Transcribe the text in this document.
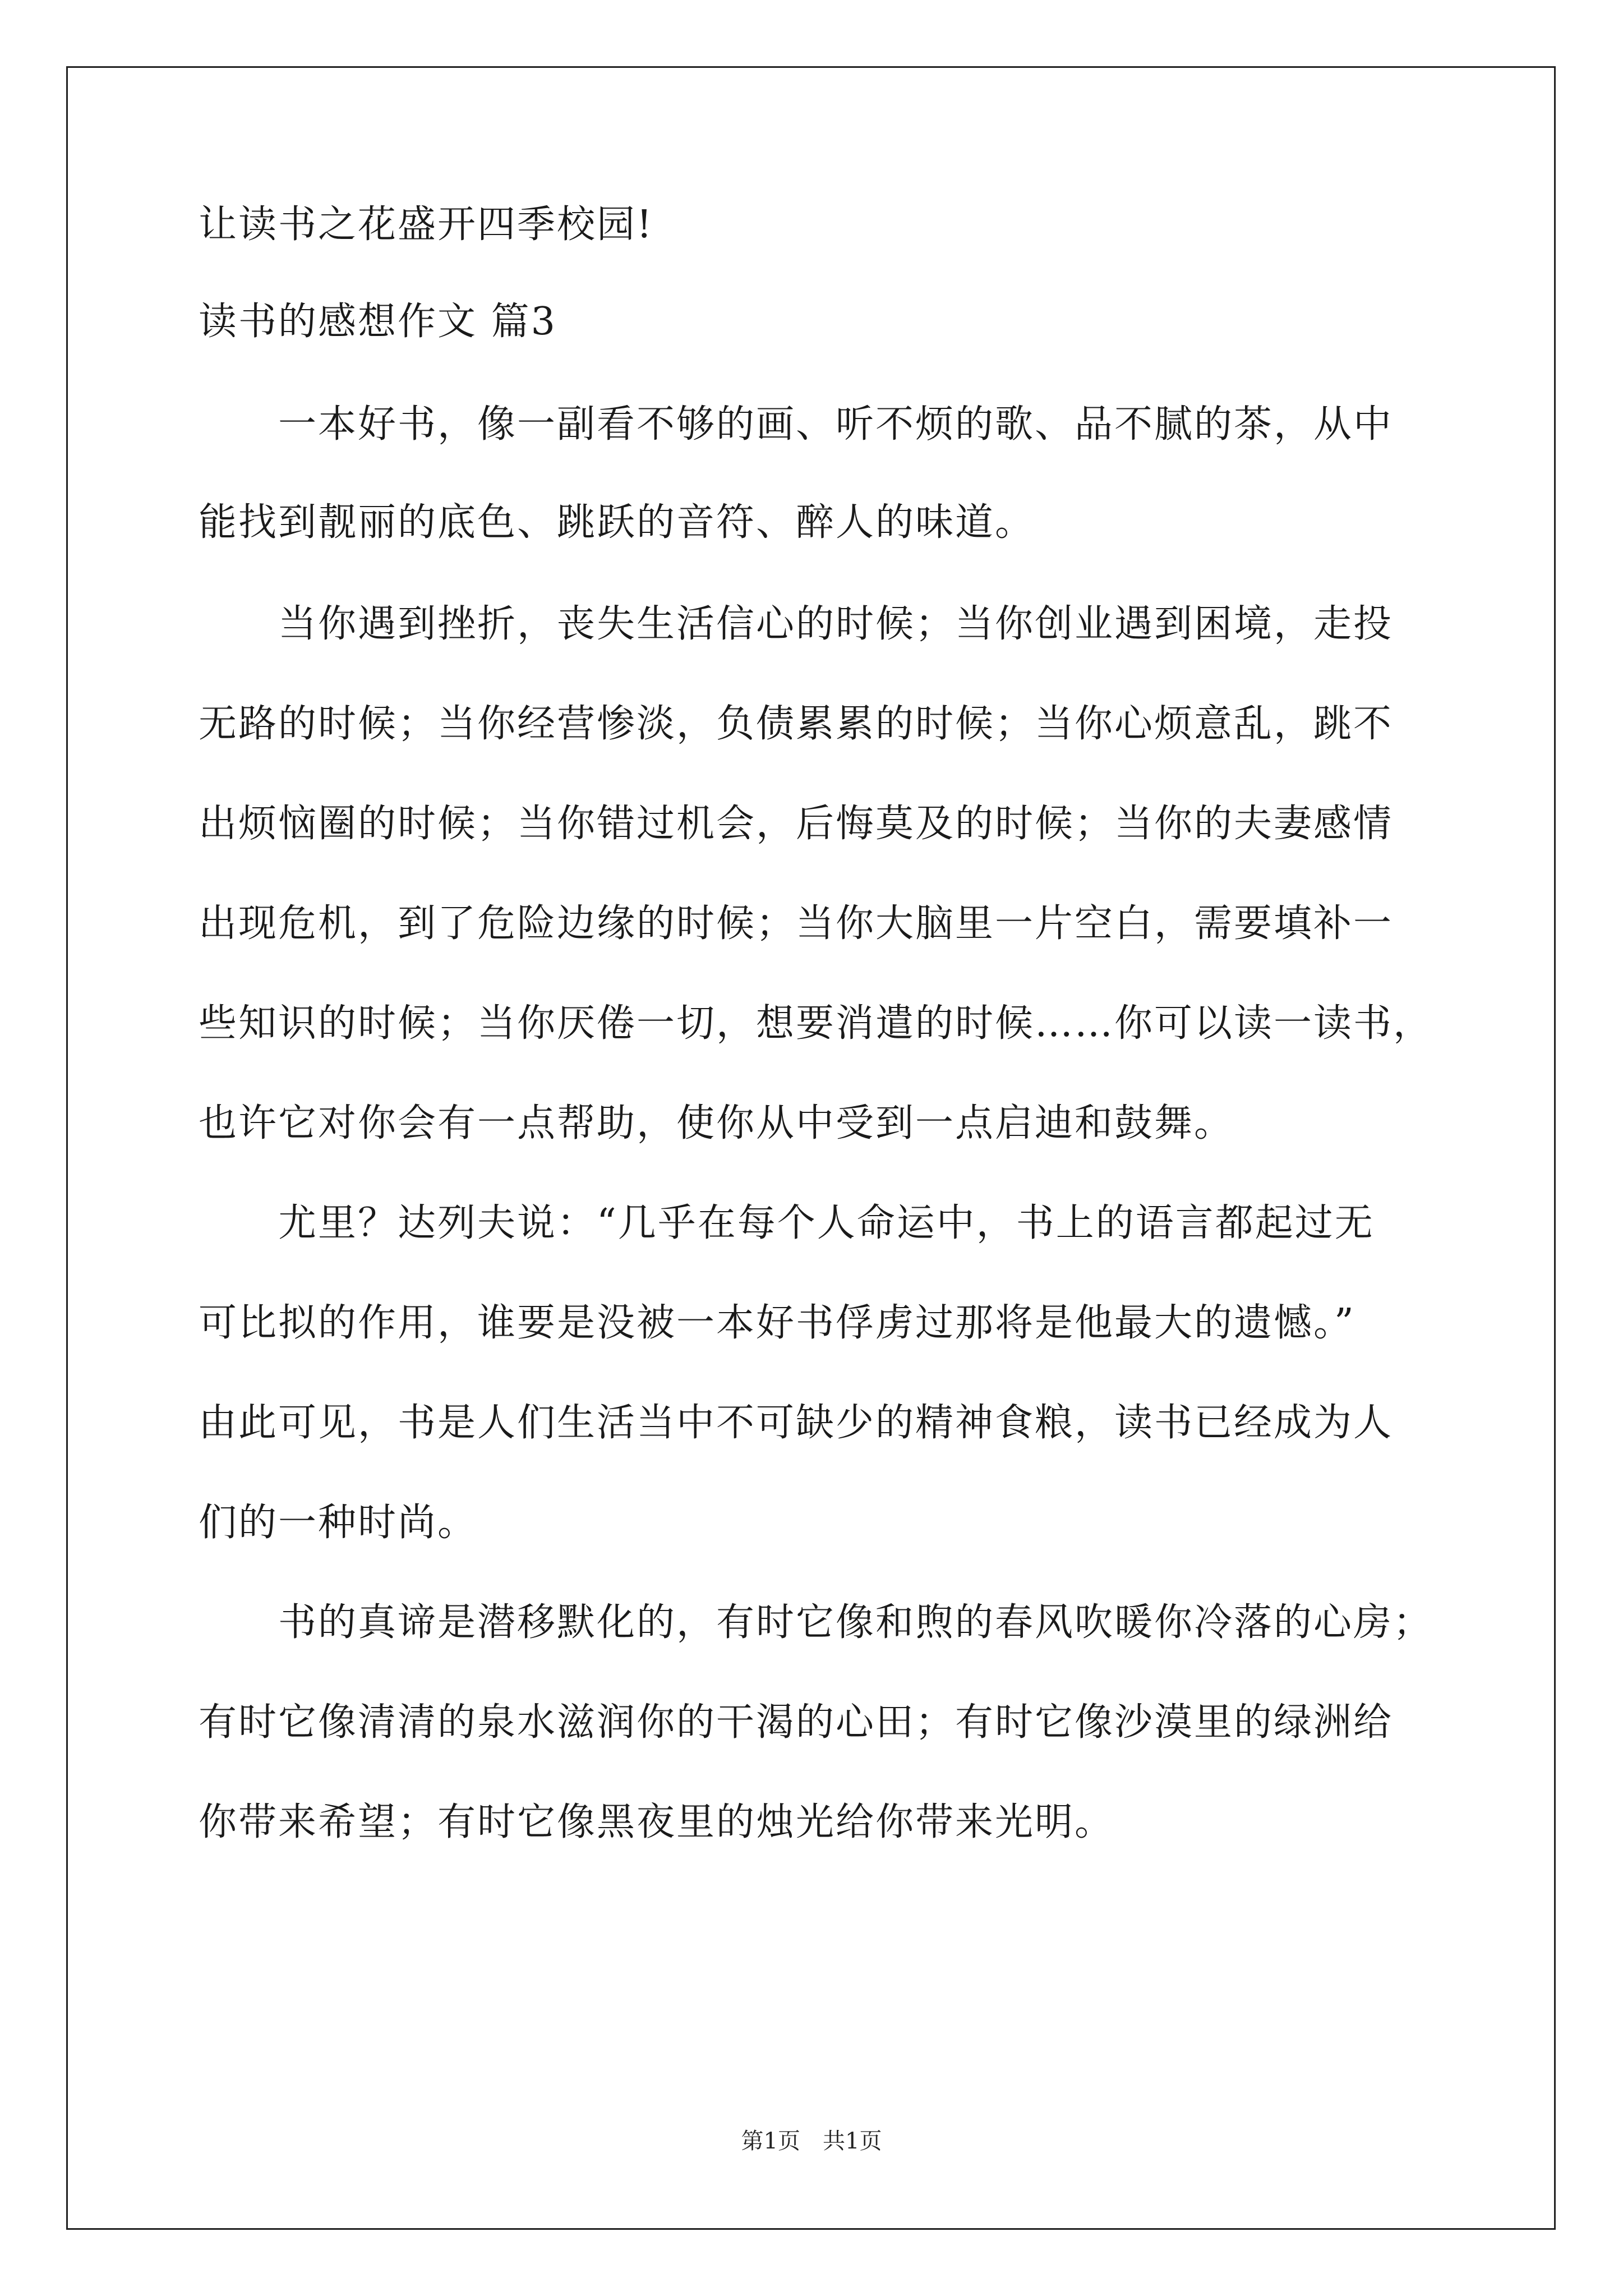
让读书之花盛开四季校园!
读书的感想作文 篇3
　　一本好书，像一副看不够的画、听不烦的歌、品不腻的茶，从中
能找到靓丽的底色、跳跃的音符、醉人的味道。
　　当你遇到挫折，丧失生活信心的时候；当你创业遇到困境，走投
无路的时候；当你经营惨淡，负债累累的时候；当你心烦意乱，跳不
出烦恼圈的时候；当你错过机会，后悔莫及的时候；当你的夫妻感情
出现危机，到了危险边缘的时候；当你大脑里一片空白，需要填补一
些知识的时候；当你厌倦一切，想要消遣的时候……你可以读一读书，
也许它对你会有一点帮助，使你从中受到一点启迪和鼓舞。
　　尤里？达列夫说：“几乎在每个人命运中，书上的语言都起过无
可比拟的作用，谁要是没被一本好书俘虏过那将是他最大的遗憾。”
由此可见，书是人们生活当中不可缺少的精神食粮，读书已经成为人
们的一种时尚。
　　书的真谛是潜移默化的，有时它像和煦的春风吹暖你冷落的心房；
有时它像清清的泉水滋润你的干渴的心田；有时它像沙漠里的绿洲给
你带来希望；有时它像黑夜里的烛光给你带来光明。
第1页 共1页
